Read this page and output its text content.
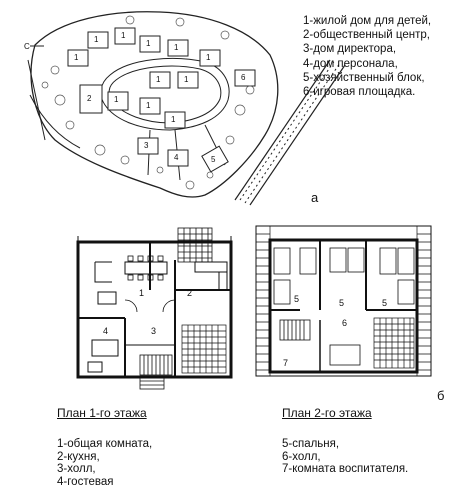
1
1	1
1	1
1
1
1	1
1
1
2
3
4	5
6
С
1-жилой дом для детей,
2-общественный центр,
3-дом директора,
4-дом персонала,
5-хозяйственный блок,
6-игровая площадка.
а
1	2
3
4
5	5	5
6
7
б
План 1-го этажа
1-общая комната,
2-кухня,
3-холл,
4-гостевая
План 2-го этажа
5-спальня,
6-холл,
7-комната воспитателя.
